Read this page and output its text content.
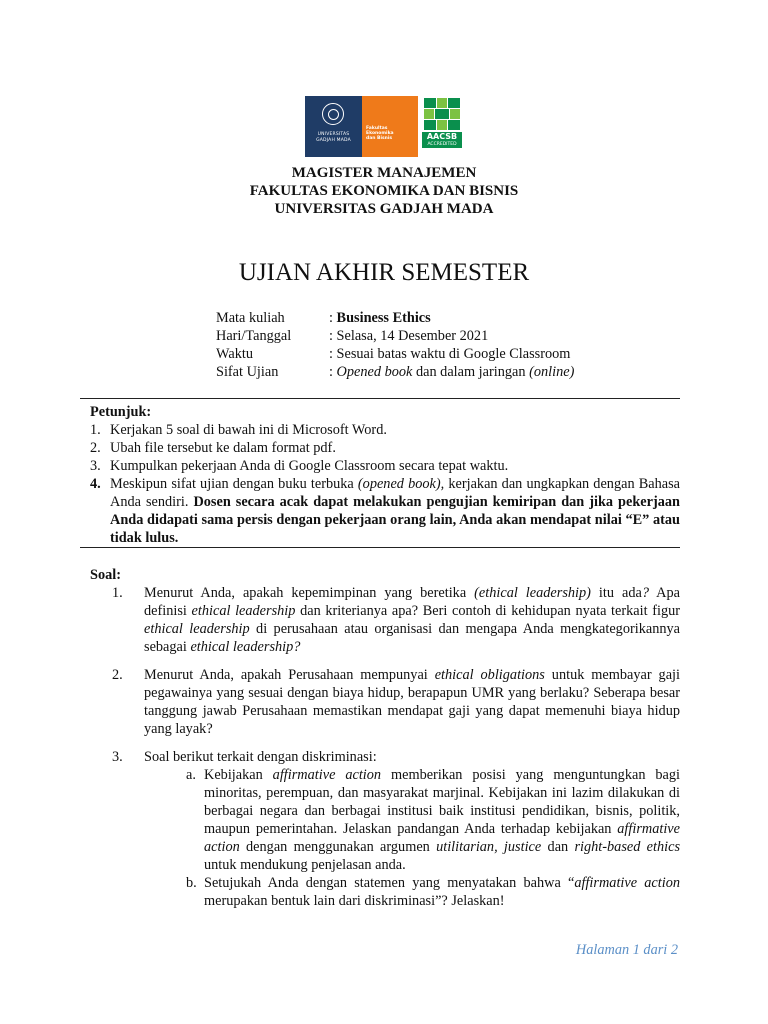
UNIVERSITAS
GADJAH MADA
Fakultas
Ekonomika
dan Bisnis	AACSB
ACCREDITED
MAGISTER MANAJEMEN
FAKULTAS EKONOMIKA DAN BISNIS
UNIVERSITAS GADJAH MADA
UJIAN AKHIR SEMESTER
Mata kuliah	: Business Ethics
Hari/Tanggal	: Selasa, 14 Desember 2021
Waktu	: Sesuai batas waktu di Google Classroom
Sifat Ujian	: Opened book dan dalam jaringan (online)
Petunjuk:
1. Kerjakan 5 soal di bawah ini di Microsoft Word.
2. Ubah file tersebut ke dalam format pdf.
3. Kumpulkan pekerjaan Anda di Google Classroom secara tepat waktu.
4. Meskipun sifat ujian dengan buku terbuka (opened book), kerjakan dan ungkapkan dengan Bahasa Anda sendiri. Dosen secara acak dapat melakukan pengujian kemiripan dan jika pekerjaan Anda didapati sama persis dengan pekerjaan orang lain, Anda akan mendapat nilai “E” atau tidak lulus.
Soal:
1.	Menurut Anda, apakah kepemimpinan yang beretika (ethical leadership) itu ada? Apa definisi ethical leadership dan kriterianya apa? Beri contoh di kehidupan nyata terkait figur ethical leadership di perusahaan atau organisasi dan mengapa Anda mengkategorikannya sebagai ethical leadership?
2.	Menurut Anda, apakah Perusahaan mempunyai ethical obligations untuk membayar gaji pegawainya yang sesuai dengan biaya hidup, berapapun UMR yang berlaku? Seberapa besar tanggung jawab Perusahaan memastikan mendapat gaji yang dapat memenuhi biaya hidup yang layak?
3.	Soal berikut terkait dengan diskriminasi:
a. Kebijakan affirmative action memberikan posisi yang menguntungkan bagi minoritas, perempuan, dan masyarakat marjinal. Kebijakan ini lazim dilakukan di berbagai negara dan berbagai institusi baik institusi pendidikan, bisnis, politik, maupun pemerintahan. Jelaskan pandangan Anda terhadap kebijakan affirmative action dengan menggunakan argumen utilitarian, justice dan right-based ethics untuk mendukung penjelasan anda.
b. Setujukah Anda dengan statemen yang menyatakan bahwa “affirmative action merupakan bentuk lain dari diskriminasi”? Jelaskan!
Halaman 1 dari 2
